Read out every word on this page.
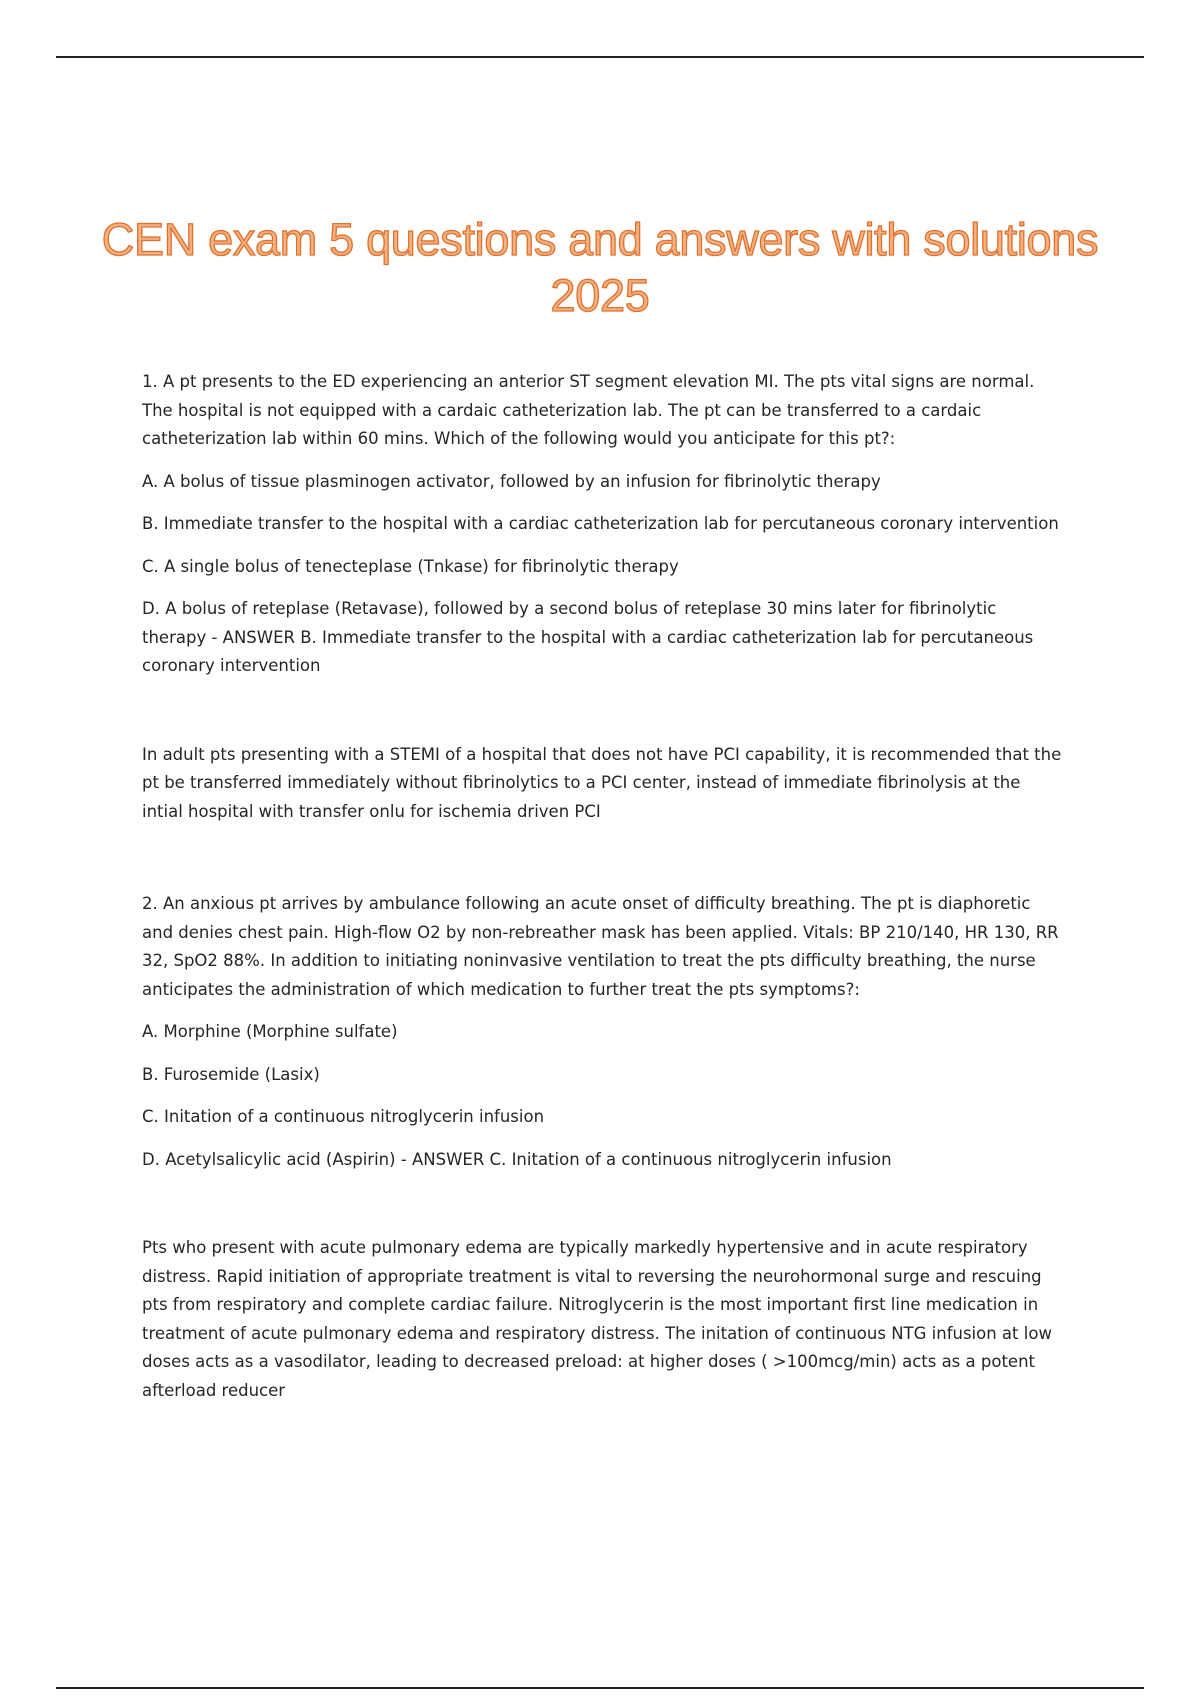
CEN exam 5 questions and answers with solutions 2025

1. A pt presents to the ED experiencing an anterior ST segment elevation MI. The pts vital signs are normal. The hospital is not equipped with a cardaic catheterization lab. The pt can be transferred to a cardaic catheterization lab within 60 mins. Which of the following would you anticipate for this pt?:

A. A bolus of tissue plasminogen activator, followed by an infusion for fibrinolytic therapy

B. Immediate transfer to the hospital with a cardiac catheterization lab for percutaneous coronary intervention

C. A single bolus of tenecteplase (Tnkase) for fibrinolytic therapy

D. A bolus of reteplase (Retavase), followed by a second bolus of reteplase 30 mins later for fibrinolytic therapy - ANSWER B. Immediate transfer to the hospital with a cardiac catheterization lab for percutaneous coronary intervention

In adult pts presenting with a STEMI of a hospital that does not have PCI capability, it is recommended that the pt be transferred immediately without fibrinolytics to a PCI center, instead of immediate fibrinolysis at the intial hospital with transfer onlu for ischemia driven PCI

2. An anxious pt arrives by ambulance following an acute onset of difficulty breathing. The pt is diaphoretic and denies chest pain. High-flow O2 by non-rebreather mask has been applied. Vitals: BP 210/140, HR 130, RR 32, SpO2 88%. In addition to initiating noninvasive ventilation to treat the pts difficulty breathing, the nurse anticipates the administration of which medication to further treat the pts symptoms?:

A. Morphine (Morphine sulfate)

B. Furosemide (Lasix)

C. Initation of a continuous nitroglycerin infusion

D. Acetylsalicylic acid (Aspirin) - ANSWER C. Initation of a continuous nitroglycerin infusion

Pts who present with acute pulmonary edema are typically markedly hypertensive and in acute respiratory distress. Rapid initiation of appropriate treatment is vital to reversing the neurohormonal surge and rescuing pts from respiratory and complete cardiac failure. Nitroglycerin is the most important first line medication in treatment of acute pulmonary edema and respiratory distress. The initation of continuous NTG infusion at low doses acts as a vasodilator, leading to decreased preload: at higher doses ( >100mcg/min) acts as a potent afterload reducer
